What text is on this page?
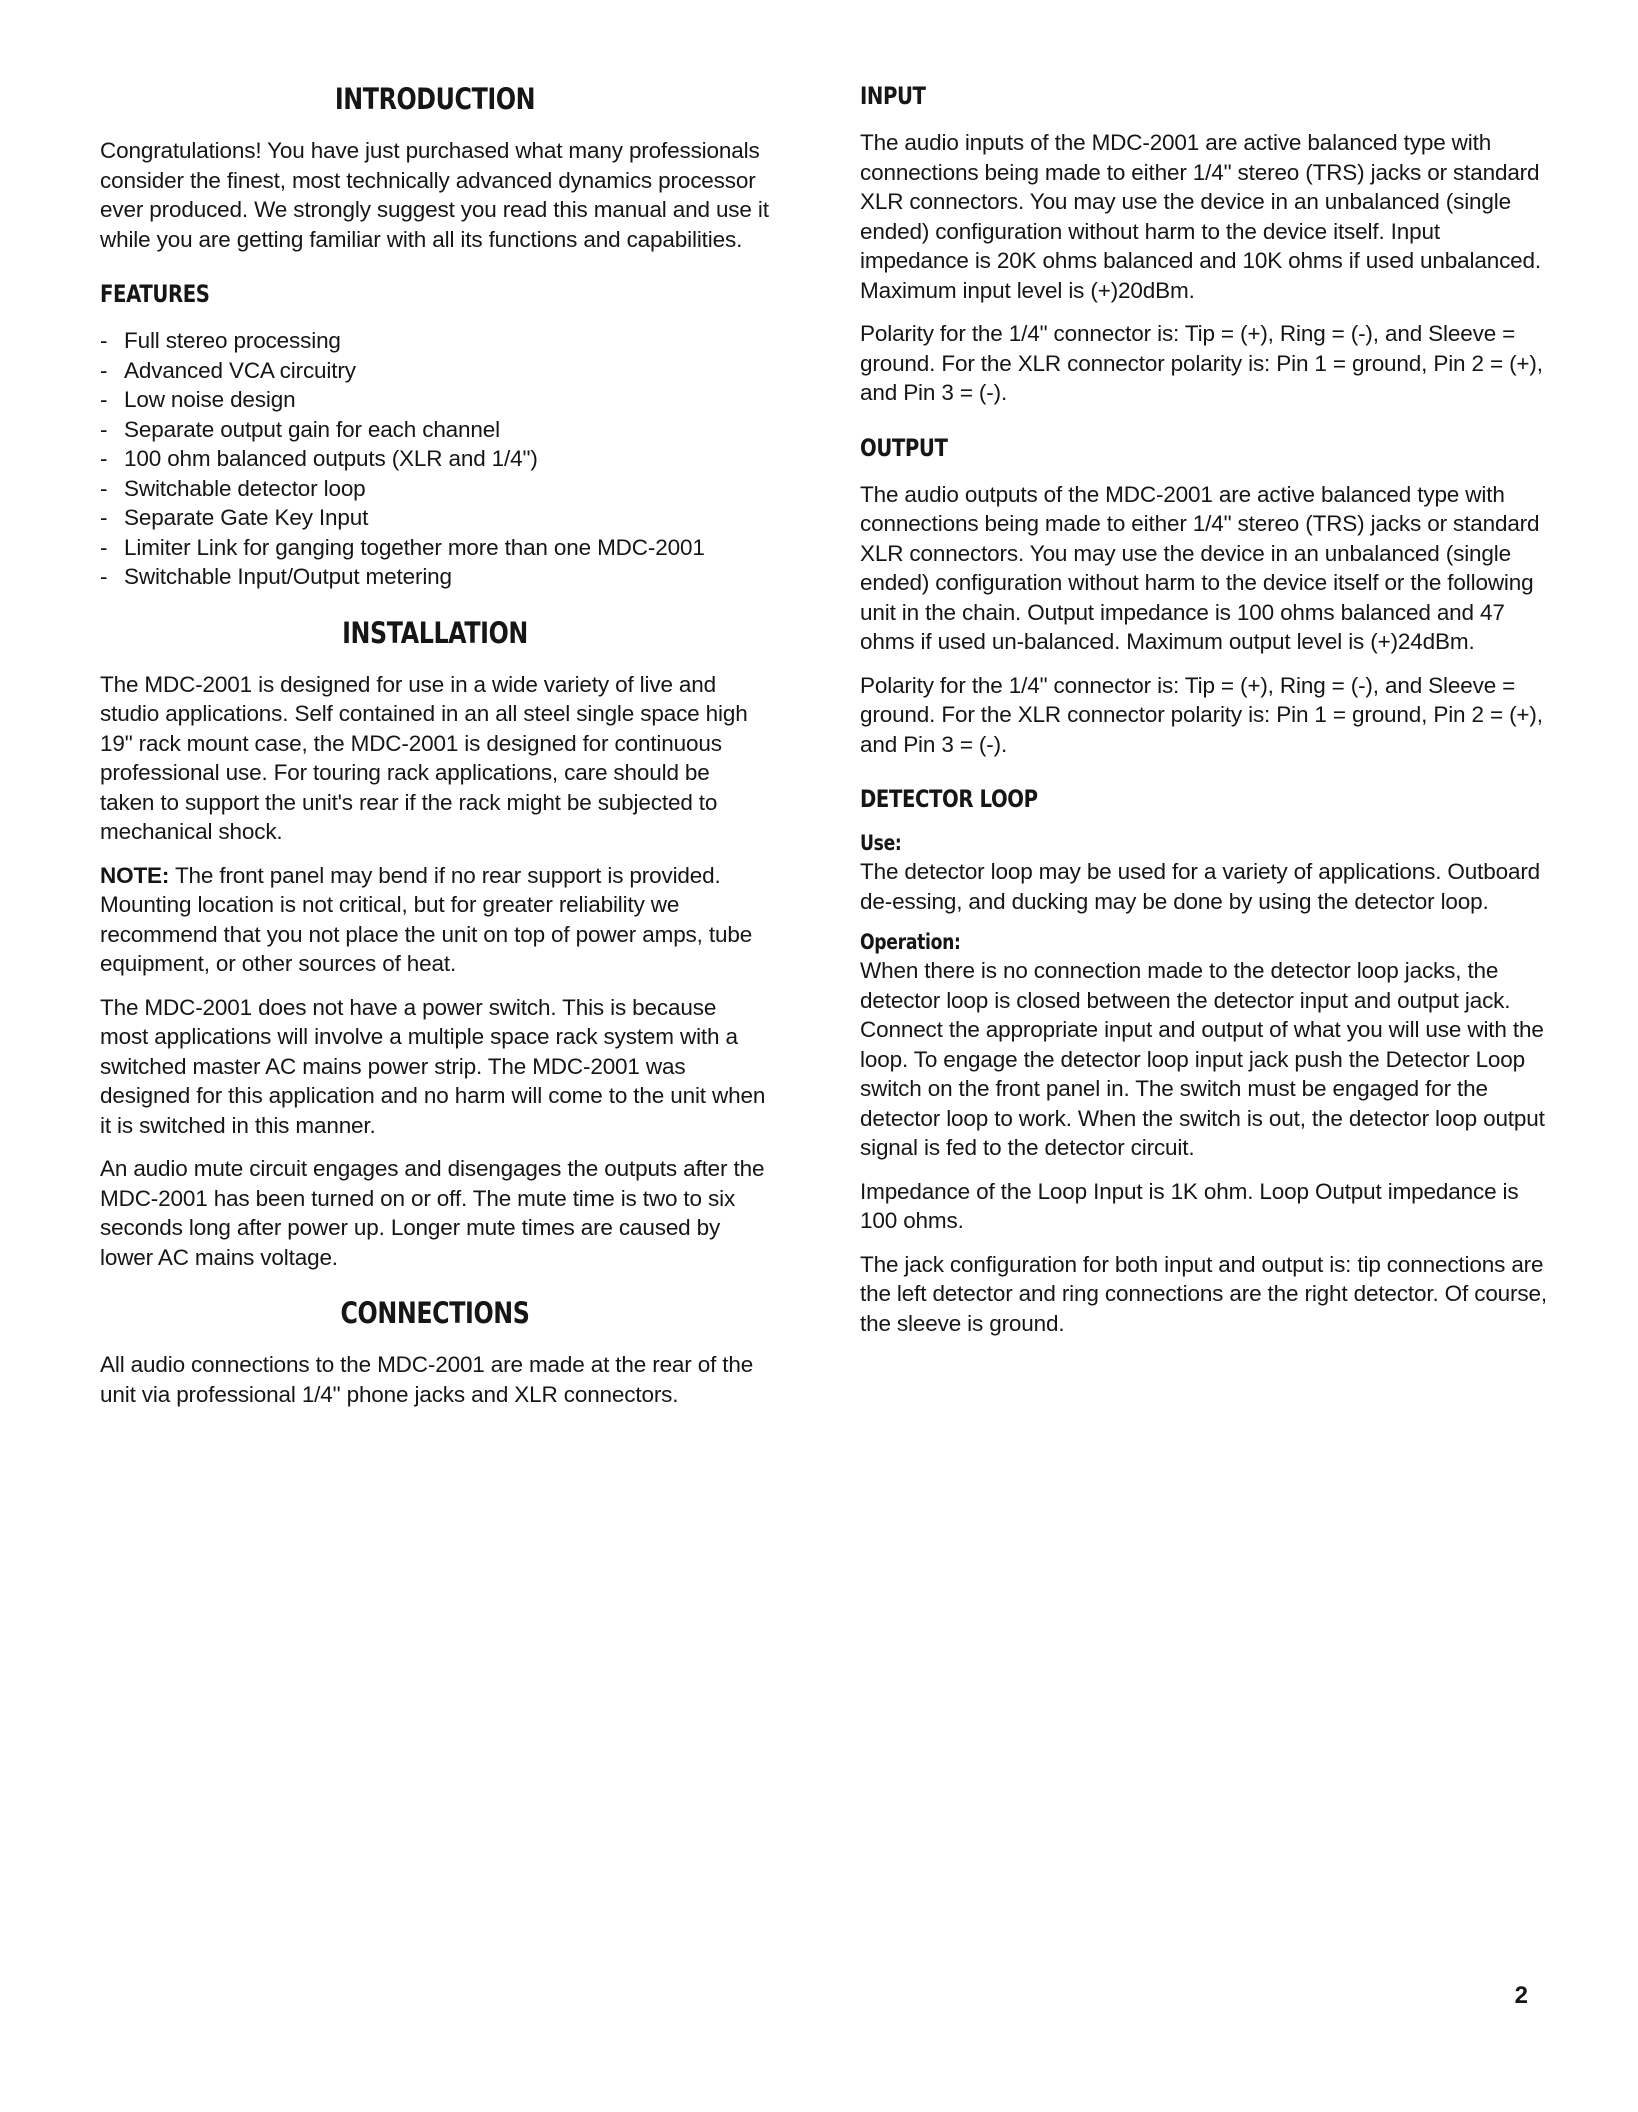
INTRODUCTION

Congratulations! You have just purchased what many professionals consider the finest, most technically advanced dynamics processor ever produced. We strongly suggest you read this manual and use it while you are getting familiar with all its functions and capabilities.

FEATURES
- Full stereo processing
- Advanced VCA circuitry
- Low noise design
- Separate output gain for each channel
- 100 ohm balanced outputs (XLR and 1/4")
- Switchable detector loop
- Separate Gate Key Input
- Limiter Link for ganging together more than one MDC-2001
- Switchable Input/Output metering
INSTALLATION

The MDC-2001 is designed for use in a wide variety of live and studio applications. Self contained in an all steel single space high 19" rack mount case, the MDC-2001 is designed for continuous professional use. For touring rack applications, care should be taken to support the unit's rear if the rack might be subjected to mechanical shock.

NOTE: The front panel may bend if no rear support is provided. Mounting location is not critical, but for greater reliability we recommend that you not place the unit on top of power amps, tube equipment, or other sources of heat.

The MDC-2001 does not have a power switch. This is because most applications will involve a multiple space rack system with a switched master AC mains power strip. The MDC-2001 was designed for this application and no harm will come to the unit when it is switched in this manner.

An audio mute circuit engages and disengages the outputs after the MDC-2001 has been turned on or off. The mute time is two to six seconds long after power up. Longer mute times are caused by lower AC mains voltage.

CONNECTIONS

All audio connections to the MDC-2001 are made at the rear of the unit via professional 1/4" phone jacks and XLR connectors.

INPUT

The audio inputs of the MDC-2001 are active balanced type with connections being made to either 1/4" stereo (TRS) jacks or standard XLR connectors. You may use the device in an unbalanced (single ended) configuration without harm to the device itself. Input impedance is 20K ohms balanced and 10K ohms if used unbalanced. Maximum input level is (+)20dBm.

Polarity for the 1/4" connector is: Tip = (+), Ring = (-), and Sleeve = ground. For the XLR connector polarity is: Pin 1 = ground, Pin 2 = (+), and Pin 3 = (-).

OUTPUT

The audio outputs of the MDC-2001 are active balanced type with connections being made to either 1/4" stereo (TRS) jacks or standard XLR connectors. You may use the device in an unbalanced (single ended) configuration without harm to the device itself or the following unit in the chain. Output impedance is 100 ohms balanced and 47 ohms if used un-balanced. Maximum output level is (+)24dBm.

Polarity for the 1/4" connector is: Tip = (+), Ring = (-), and Sleeve = ground. For the XLR connector polarity is: Pin 1 = ground, Pin 2 = (+), and Pin 3 = (-).

DETECTOR LOOP
Use:

The detector loop may be used for a variety of applications. Outboard de-essing, and ducking may be done by using the detector loop.

Operation:

When there is no connection made to the detector loop jacks, the detector loop is closed between the detector input and output jack. Connect the appropriate input and output of what you will use with the loop. To engage the detector loop input jack push the Detector Loop switch on the front panel in. The switch must be engaged for the detector loop to work. When the switch is out, the detector loop output signal is fed to the detector circuit.

Impedance of the Loop Input is 1K ohm. Loop Output impedance is 100 ohms.

The jack configuration for both input and output is: tip connections are the left detector and ring connections are the right detector. Of course, the sleeve is ground.

2
